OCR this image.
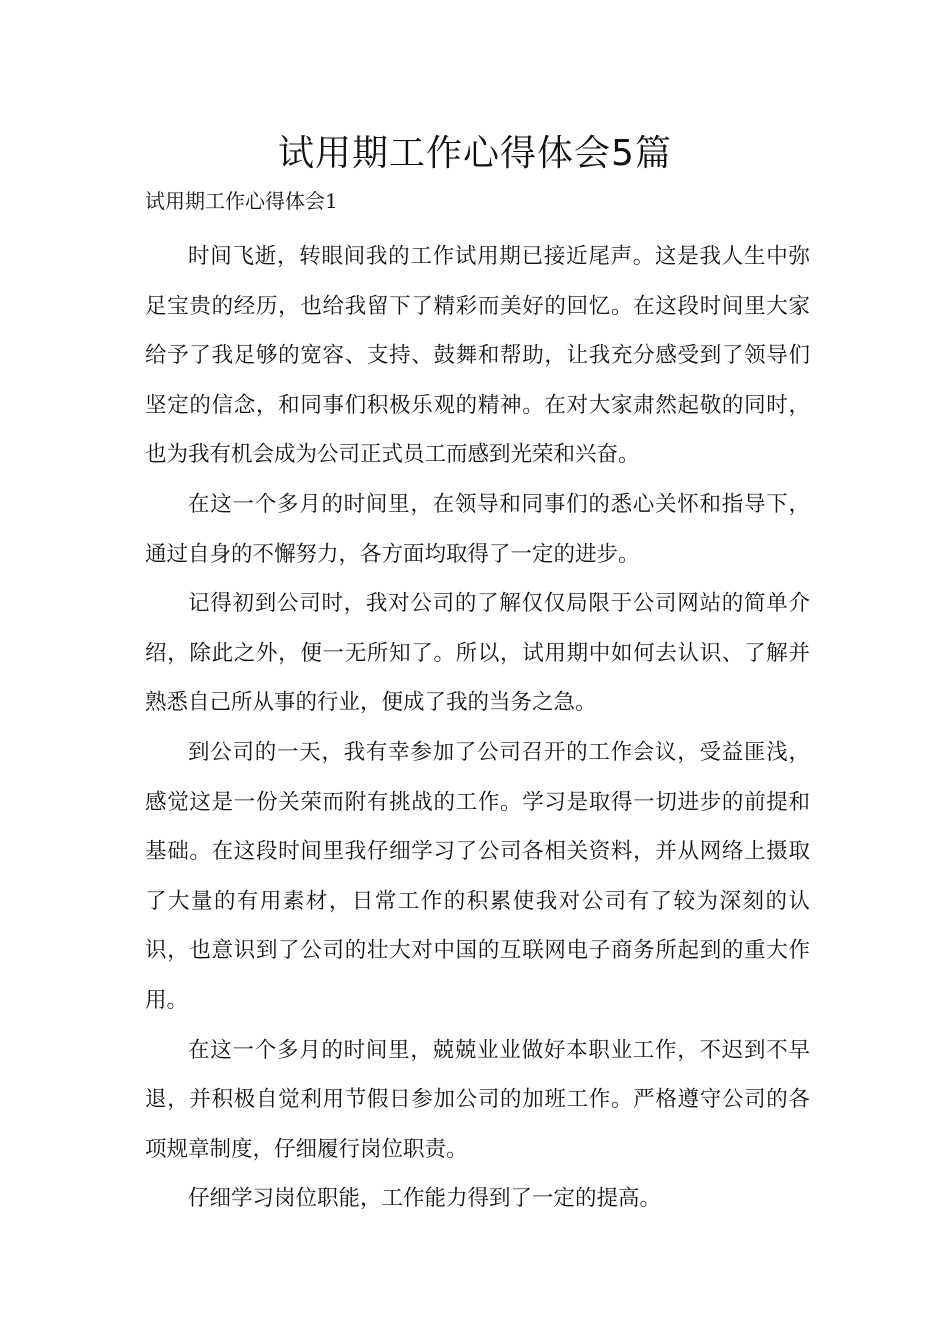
试用期工作心得体会5篇

试用期工作心得体会1

时间飞逝，转眼间我的工作试用期已接近尾声。这是我人生中弥足宝贵的经历，也给我留下了精彩而美好的回忆。在这段时间里大家给予了我足够的宽容、支持、鼓舞和帮助，让我充分感受到了领导们坚定的信念，和同事们积极乐观的精神。在对大家肃然起敬的同时，也为我有机会成为公司正式员工而感到光荣和兴奋。

在这一个多月的时间里，在领导和同事们的悉心关怀和指导下，通过自身的不懈努力，各方面均取得了一定的进步。

记得初到公司时，我对公司的了解仅仅局限于公司网站的简单介绍，除此之外，便一无所知了。所以，试用期中如何去认识、了解并熟悉自己所从事的行业，便成了我的当务之急。

到公司的一天，我有幸参加了公司召开的工作会议，受益匪浅，感觉这是一份关荣而附有挑战的工作。学习是取得一切进步的前提和基础。在这段时间里我仔细学习了公司各相关资料，并从网络上摄取了大量的有用素材，日常工作的积累使我对公司有了较为深刻的认识，也意识到了公司的壮大对中国的互联网电子商务所起到的重大作用。

在这一个多月的时间里，兢兢业业做好本职业工作，不迟到不早退，并积极自觉利用节假日参加公司的加班工作。严格遵守公司的各项规章制度，仔细履行岗位职责。

仔细学习岗位职能，工作能力得到了一定的提高。
